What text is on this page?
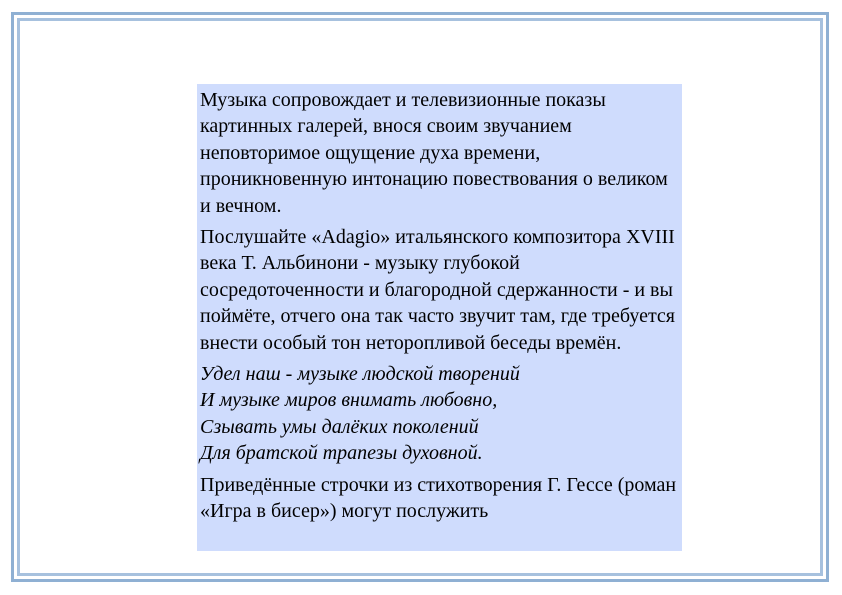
Музыка сопровождает и телевизионные показы картинных галерей, внося своим звучанием неповторимое ощущение духа времени, проникновенную интонацию повествования о великом и вечном.

Послушайте «Adagio» итальянского композитора XVIII века Т. Альбинони - музыку глубокой сосредоточенности и благородной сдержанности - и вы поймёте, отчего она так часто звучит там, где требуется внести особый тон неторопливой беседы времён.

Удел наш - музыке людской творений
И музыке миров внимать любовно,
Сзывать умы далёких поколений
Для братской трапезы духовной.

Приведённые строчки из стихотворения Г. Гессе (роман «Игра в бисер») могут послужить
